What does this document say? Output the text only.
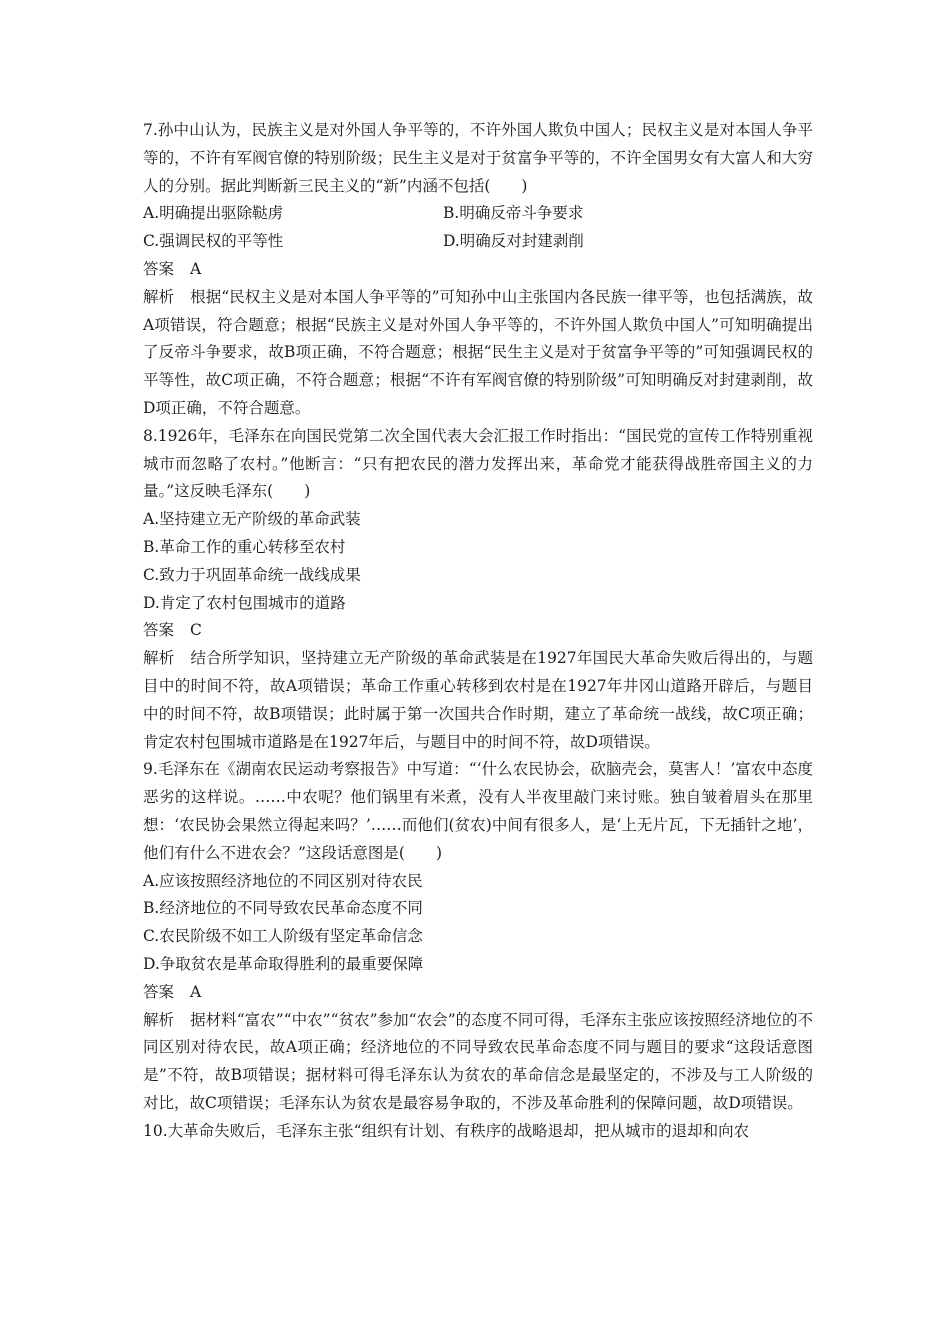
7.孙中山认为，民族主义是对外国人争平等的，不许外国人欺负中国人；民权主义是对本国人争平等的，不许有军阀官僚的特别阶级；民生主义是对于贫富争平等的，不许全国男女有大富人和大穷人的分别。据此判断新三民主义的“新”内涵不包括(　　)

A.明确提出驱除鞑虏	B.明确反帝斗争要求
C.强调民权的平等性	D.明确反对封建剥削

答案 A

解析 根据“民权主义是对本国人争平等的”可知孙中山主张国内各民族一律平等，也包括满族，故A项错误，符合题意；根据“民族主义是对外国人争平等的，不许外国人欺负中国人”可知明确提出了反帝斗争要求，故B项正确，不符合题意；根据“民生主义是对于贫富争平等的”可知强调民权的平等性，故C项正确，不符合题意；根据“不许有军阀官僚的特别阶级”可知明确反对封建剥削，故D项正确，不符合题意。

8.1926年，毛泽东在向国民党第二次全国代表大会汇报工作时指出：“国民党的宣传工作特别重视城市而忽略了农村。”他断言：“只有把农民的潜力发挥出来，革命党才能获得战胜帝国主义的力量。”这反映毛泽东(　　)

A.坚持建立无产阶级的革命武装
B.革命工作的重心转移至农村
C.致力于巩固革命统一战线成果
D.肯定了农村包围城市的道路

答案 C

解析 结合所学知识，坚持建立无产阶级的革命武装是在1927年国民大革命失败后得出的，与题目中的时间不符，故A项错误；革命工作重心转移到农村是在1927年井冈山道路开辟后，与题目中的时间不符，故B项错误；此时属于第一次国共合作时期，建立了革命统一战线，故C项正确；肯定农村包围城市道路是在1927年后，与题目中的时间不符，故D项错误。

9.毛泽东在《湖南农民运动考察报告》中写道：“‘什么农民协会，砍脑壳会，莫害人！’富农中态度恶劣的这样说。……中农呢？他们锅里有米煮，没有人半夜里敲门来讨账。独自皱着眉头在那里想：‘农民协会果然立得起来吗？’……而他们(贫农)中间有很多人，是‘上无片瓦，下无插针之地’，他们有什么不进农会？”这段话意图是(　　)

A.应该按照经济地位的不同区别对待农民
B.经济地位的不同导致农民革命态度不同
C.农民阶级不如工人阶级有坚定革命信念
D.争取贫农是革命取得胜利的最重要保障

答案 A

解析 据材料“富农”“中农”“贫农”参加“农会”的态度不同可得，毛泽东主张应该按照经济地位的不同区别对待农民，故A项正确；经济地位的不同导致农民革命态度不同与题目的要求“这段话意图是”不符，故B项错误；据材料可得毛泽东认为贫农的革命信念是最坚定的，不涉及与工人阶级的对比，故C项错误；毛泽东认为贫农是最容易争取的，不涉及革命胜利的保障问题，故D项错误。

10.大革命失败后，毛泽东主张“组织有计划、有秩序的战略退却，把从城市的退却和向农
